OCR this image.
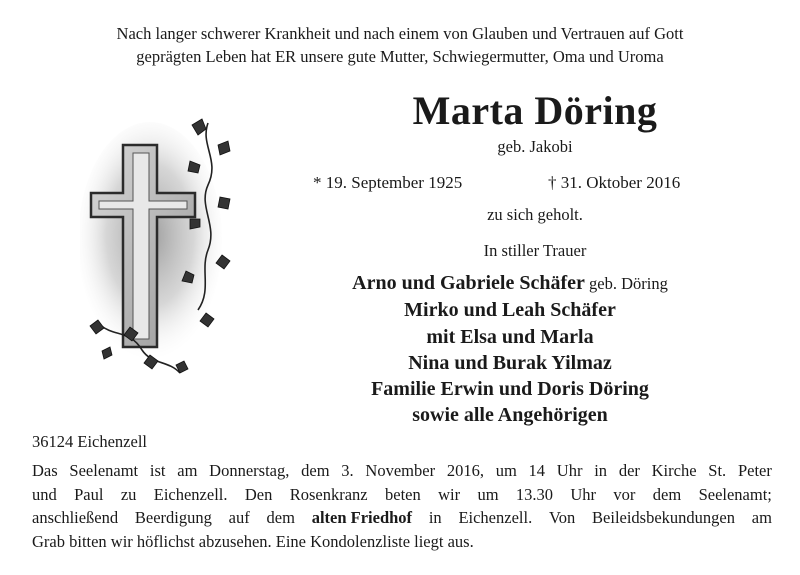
Nach langer schwerer Krankheit und nach einem von Glauben und Vertrauen auf Gott
geprägten Leben hat ER unsere gute Mutter, Schwiegermutter, Oma und Uroma
Marta Döring
geb. Jakobi
* 19. September 1925	† 31. Oktober 2016
zu sich geholt.
In stiller Trauer
Arno und Gabriele Schäfer geb. Döring
Mirko und Leah Schäfer
mit Elsa und Marla
Nina und Burak Yilmaz
Familie Erwin und Doris Döring
sowie alle Angehörigen
36124 Eichenzell
Das Seelenamt ist am Donnerstag, dem 3. November 2016, um 14 Uhr in der Kirche St. Peter
und Paul zu Eichenzell. Den Rosenkranz beten wir um 13.30 Uhr vor dem Seelenamt;
anschließend Beerdigung auf dem alten Friedhof in Eichenzell. Von Beileidsbekundungen am
Grab bitten wir höflichst abzusehen. Eine Kondolenzliste liegt aus.
